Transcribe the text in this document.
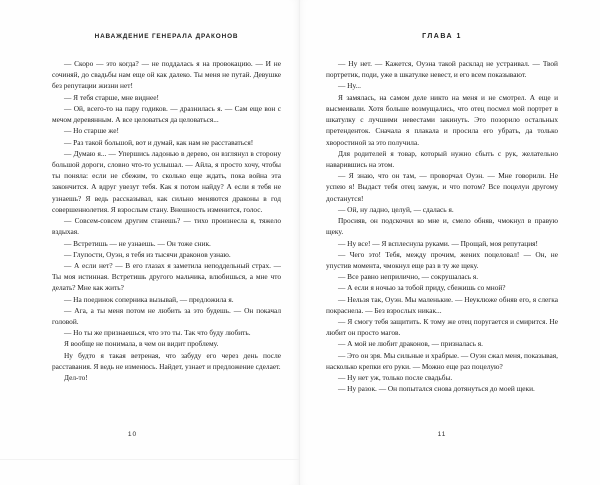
НАВАЖДЕНИЕ ГЕНЕРАЛА ДРАКОНОВ

— Скоро — это когда? — не поддалась я на провокацию. — И не сочиняй, до свадьбы нам еще ой как далеко. Ты меня не путай. Девушке без репутации жизни нет!

— Я тебя старше, мне виднее!

— Ой, всего-то на пару годиков. — дразнилась я. — Сам еще вон с мечом деревянным. А все целоваться да целоваться...

— Но старше же!

— Раз такой большой, вот и думай, как нам не расставаться!

— Думаю я... — Упершись ладонью в дерево, он взглянул в сторону большой дороги, словно что-то услышал. — Айла, я просто хочу, чтобы ты поняла: если не сбежим, то сколько еще ждать, пока война эта закончится. А вдруг увезут тебя. Как я потом найду? А если я тебя не узнаешь? Я ведь рассказывал, как сильно меняются драконы в год совершеннолетия. Я взрослым стану. Внешность изменится, голос.

— Совсем-совсем другим станешь? — тихо произнесла я, тяжело вздыхая.

— Встретишь — не узнаешь. — Он тоже сник.

— Глупости, Оуэн, я тебя из тысячи драконов узнаю.

— А если нет? — В его глазах я заметила неподдельный страх. — Ты моя истинная. Встретишь другого мальчика, влюбишься, а мне что делать? Мне как жить?

— На поединок соперника вызывай, — предложила я.

— Ага, а ты меня потом не любить за это будешь. — Он покачал головой.

— Но ты же признаешься, что это ты. Так что буду любить.

Я вообще не понимала, в чем он видит проблему.

Ну будто я такая ветреная, что забуду его через день после расставания. Я ведь не изменюсь. Найдет, узнает и предложение сделает.

Дел-то!

10
ГЛАВА 1

— Ну нет. — Кажется, Оуэна такой расклад не устраивал. — Твой портретик, поди, уже в шкатулке невест, и его всем показывают.

— Ну...

Я замялась, на самом деле никто на меня и не смотрел. А еще и высмеивали. Хотя больше возмущались, что отец посмел мой портрет в шкатулку с лучшими невестами закинуть. Это позорило остальных претенденток. Сначала я плакала и просила его убрать, да только хворостиной за это получила.

Для родителей я товар, который нужно сбыть с рук, желательно наварившись на этом.

— Я знаю, что он там, — проворчал Оуэн. — Мне говорили. Не успею я! Выдаст тебя отец замуж, и что потом? Все поцелуи другому достанутся!

— Ой, ну ладно, целуй, — сдалась я.

Просияв, он подскочил ко мне и, смело обняв, чмокнул в правую щеку.

— Ну все! — Я всплеснула руками. — Прощай, моя репутация!

— Чего это! Тебя, между прочим, жених поцеловал! — Он, не упустив момента, чмокнул еще раз в ту же щеку.

— Все равно неприлично, — сокрушалась я.

— А если я ночью за тобой приду, сбежишь со мной?

— Нельзя так, Оуэн. Мы маленькие. — Неуклюже обняв его, я слегка покраснела. — Без взрослых никак...

— Я смогу тебя защитить. К тому же отец поругается и смирится. Не любит он просто магов.

— А мой не любит драконов, — призналась я.

— Это он зря. Мы сильные и храбрые. — Оуэн сжал меня, показывая, насколько крепки его руки. — Можно еще раз поцелую?

— Ну нет уж, только после свадьбы.

— Ну разок. — Он попытался снова дотянуться до моей щеки.

11
